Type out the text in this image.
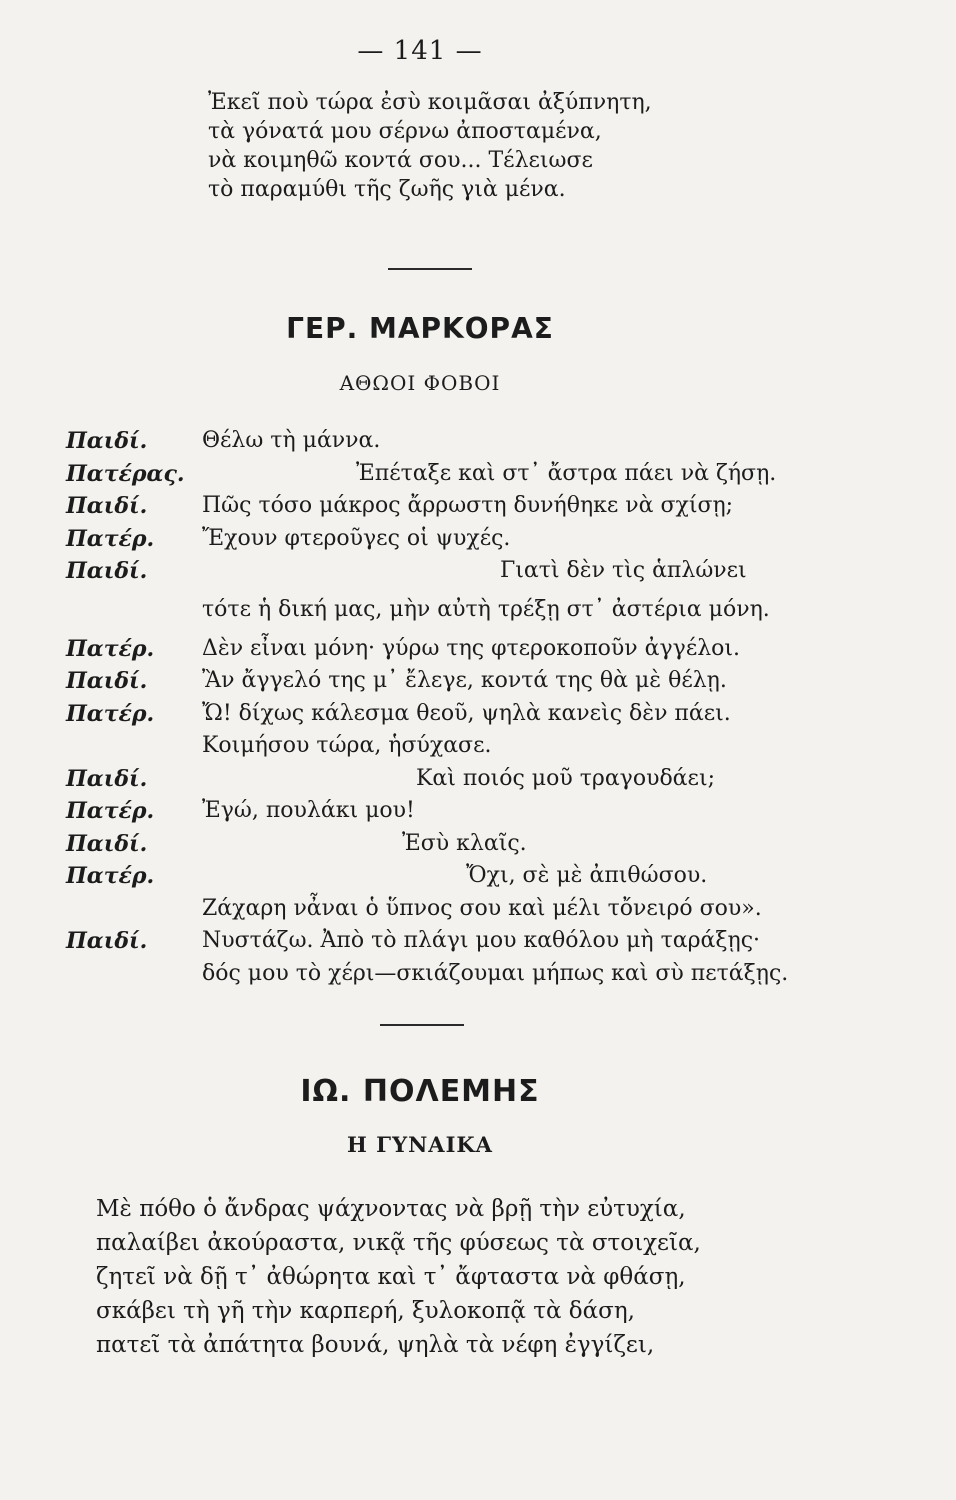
— 141 —
Ἐκεῖ ποὺ τώρα ἐσὺ κοιμᾶσαι ἀξύπνητη,
τὰ γόνατά μου σέρνω ἀποσταμένα,
νὰ κοιμηθῶ κοντά σου... Τέλειωσε
τὸ παραμύθι τῆς ζωῆς γιὰ μένα.
ΓΕΡ. ΜΑΡΚΟΡΑΣ
ΑΘΩΟΙ ΦΟΒΟΙ
Παιδί. Θέλω τὴ μάννα.
Πατέρας.	Ἐπέταξε καὶ στ᾽ ἄστρα πάει νὰ ζήσῃ.
Παιδί. Πῶς τόσο μάκρος ἄρρωστη δυνήθηκε νὰ σχίσῃ;
Πατέρ. Ἔχουν φτεροῦγες οἱ ψυχές.
Παιδί.	Γιατὶ δὲν τὶς ἁπλώνει
τότε ἡ δική μας, μὴν αὐτὴ τρέξῃ στ᾽ ἀστέρια μόνη.
Πατέρ. Δὲν εἶναι μόνη· γύρω της φτεροκοποῦν ἀγγέλοι.
Παιδί. Ἂν ἄγγελό της μ᾽ ἔλεγε, κοντά της θὰ μὲ θέλῃ.
Πατέρ. Ὤ! δίχως κάλεσμα θεοῦ, ψηλὰ κανεὶς δὲν πάει.
Κοιμήσου τώρα, ἡσύχασε.
Παιδί.	Καὶ ποιός μοῦ τραγουδάει;
Πατέρ. Ἐγώ, πουλάκι μου!
Παιδί.	Ἐσὺ κλαῖς.
Πατέρ.	Ὄχι, σὲ μὲ ἀπιθώσου.
Ζάχαρη νἆναι ὁ ὕπνος σου καὶ μέλι τὄνειρό σου».
Παιδί. Νυστάζω. Ἀπὸ τὸ πλάγι μου καθόλου μὴ ταράξῃς·
δός μου τὸ χέρι—σκιάζουμαι μήπως καὶ σὺ πετάξῃς.
ΙΩ. ΠΟΛΕΜΗΣ
Η ΓΥΝΑΙΚΑ
Μὲ πόθο ὁ ἄνδρας ψάχνοντας νὰ βρῇ τὴν εὐτυχία,
παλαίβει ἀκούραστα, νικᾷ τῆς φύσεως τὰ στοιχεῖα,
ζητεῖ νὰ δῇ τ᾽ ἀθώρητα καὶ τ᾽ ἄφταστα νὰ φθάσῃ,
σκάβει τὴ γῆ τὴν καρπερή, ξυλοκοπᾷ τὰ δάση,
πατεῖ τὰ ἀπάτητα βουνά, ψηλὰ τὰ νέφη ἐγγίζει,
